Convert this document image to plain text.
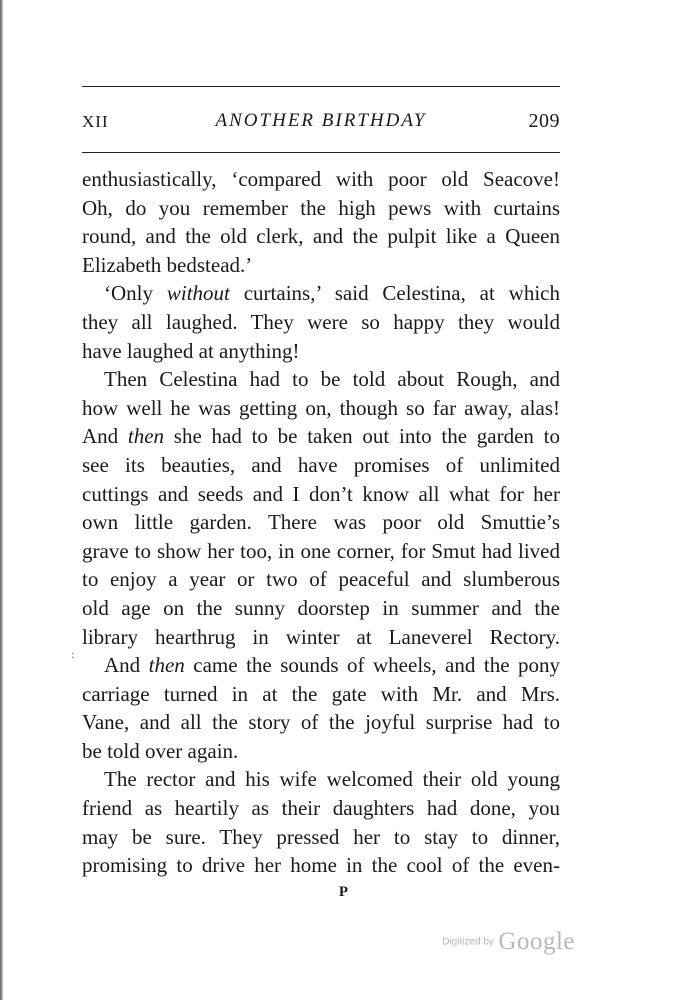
XII	ANOTHER BIRTHDAY	209
:
enthusiastically, ‘compared with poor old Seacove!
Oh, do you remember the high pews with curtains
round, and the old clerk, and the pulpit like a Queen
Elizabeth bedstead.’
‘Only without curtains,’ said Celestina, at which
they all laughed. They were so happy they would
have laughed at anything!
Then Celestina had to be told about Rough, and
how well he was getting on, though so far away, alas!
And then she had to be taken out into the garden to
see its beauties, and have promises of unlimited
cuttings and seeds and I don’t know all what for her
own little garden. There was poor old Smuttie’s
grave to show her too, in one corner, for Smut had lived
to enjoy a year or two of peaceful and slumberous
old age on the sunny doorstep in summer and the
library hearthrug in winter at Laneverel Rectory.
And then came the sounds of wheels, and the pony
carriage turned in at the gate with Mr. and Mrs.
Vane, and all the story of the joyful surprise had to
be told over again.
The rector and his wife welcomed their old young
friend as heartily as their daughters had done, you
may be sure. They pressed her to stay to dinner,
promising to drive her home in the cool of the even-
P
Digitized by Google
